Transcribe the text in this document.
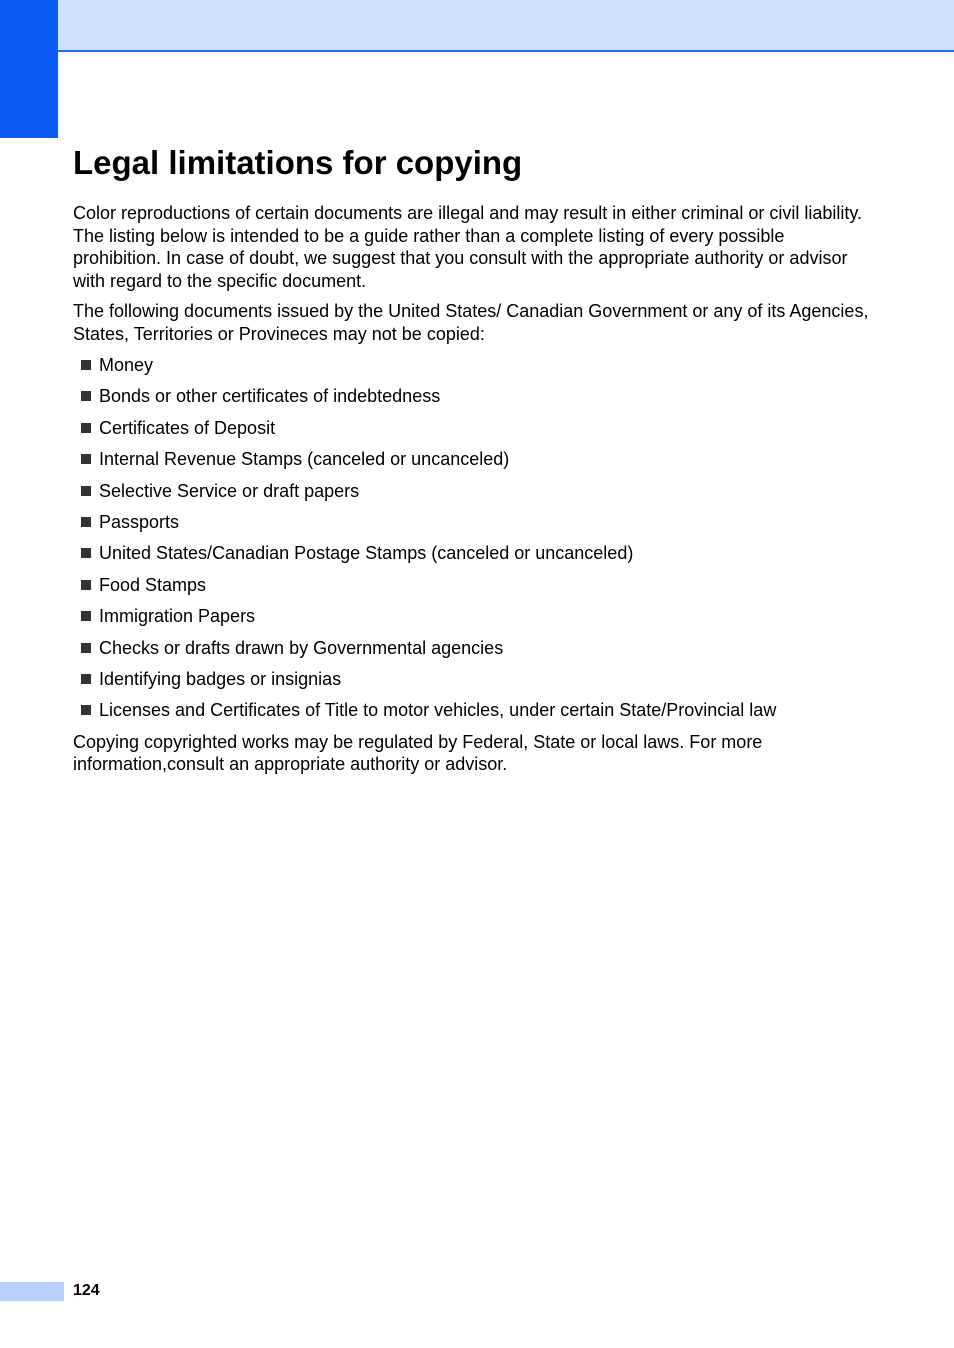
Legal limitations for copying

Color reproductions of certain documents are illegal and may result in either criminal or civil liability. The listing below is intended to be a guide rather than a complete listing of every possible prohibition. In case of doubt, we suggest that you consult with the appropriate authority or advisor with regard to the specific document.

The following documents issued by the United States/ Canadian Government or any of its Agencies, States, Territories or Provineces may not be copied:

Money
Bonds or other certificates of indebtedness
Certificates of Deposit
Internal Revenue Stamps (canceled or uncanceled)
Selective Service or draft papers
Passports
United States/Canadian Postage Stamps (canceled or uncanceled)
Food Stamps
Immigration Papers
Checks or drafts drawn by Governmental agencies
Identifying badges or insignias
Licenses and Certificates of Title to motor vehicles, under certain State/Provincial law

Copying copyrighted works may be regulated by Federal, State or local laws. For more information,consult an appropriate authority or advisor.

124
